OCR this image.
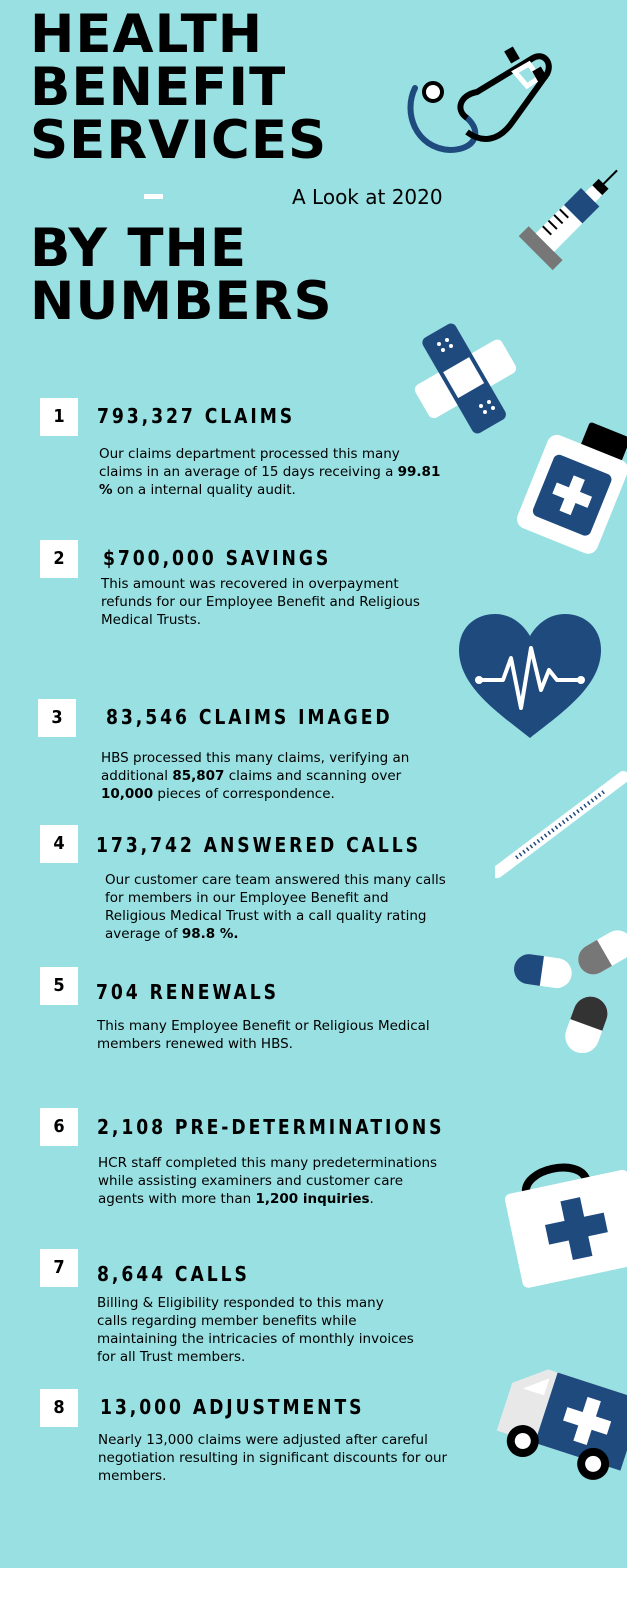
HEALTH
BENEFIT
SERVICES
A Look at 2020
BY THE
NUMBERS
1	793,327 CLAIMS
Our claims department processed this many claims in an average of 15 days receiving a 99.81 % on a internal quality audit.
2	$700,000 SAVINGS
This amount was recovered in overpayment refunds for our Employee Benefit and Religious Medical Trusts.
3	83,546 CLAIMS IMAGED
HBS processed this many claims, verifying an additional 85,807 claims and scanning over 10,000 pieces of correspondence.
4	173,742 ANSWERED CALLS
Our customer care team answered this many calls for members in our Employee Benefit and Religious Medical Trust with a call quality rating average of 98.8 %.
5	704 RENEWALS
This many Employee Benefit or Religious Medical members renewed with HBS.
6	2,108 PRE-DETERMINATIONS
HCR staff completed this many predeterminations while assisting examiners and customer care agents with more than 1,200 inquiries.
7	8,644 CALLS
Billing & Eligibility responded to this many calls regarding member benefits while maintaining the intricacies of monthly invoices for all Trust members.
8	13,000 ADJUSTMENTS
Nearly 13,000 claims were adjusted after careful negotiation resulting in significant discounts for our members.
